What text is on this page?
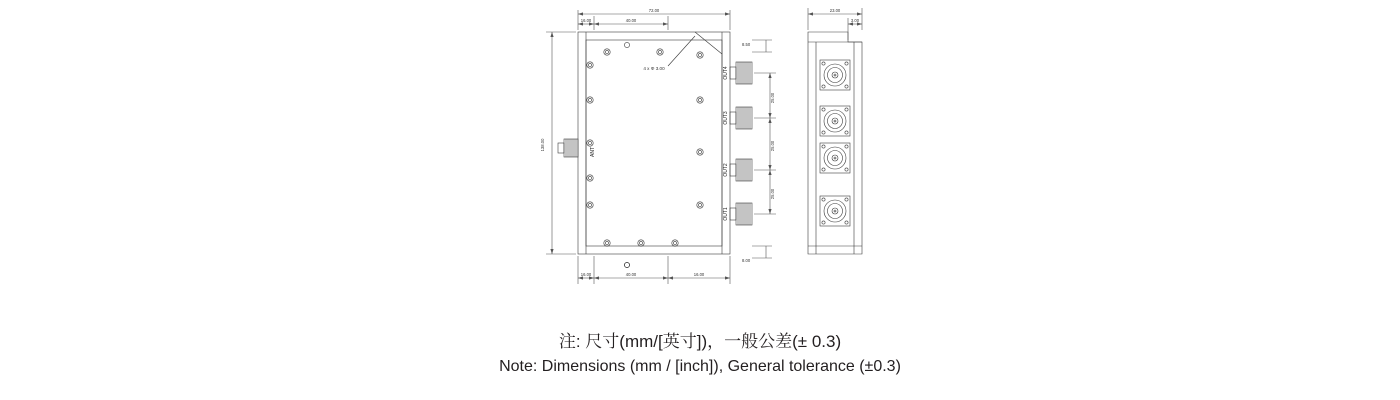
72.00
16.00	40.00
16.00	40.00	16.00
138.00
8.50
8.00
25.00
25.00
25.00
4 x Φ 3.00	OUT4
OUT3
OUT2
OUT1
ANT
23.00
3.00
注: 尺寸(mm/[英寸])，一般公差(± 0.3)
Note: Dimensions (mm / [inch]), General tolerance (±0.3)
